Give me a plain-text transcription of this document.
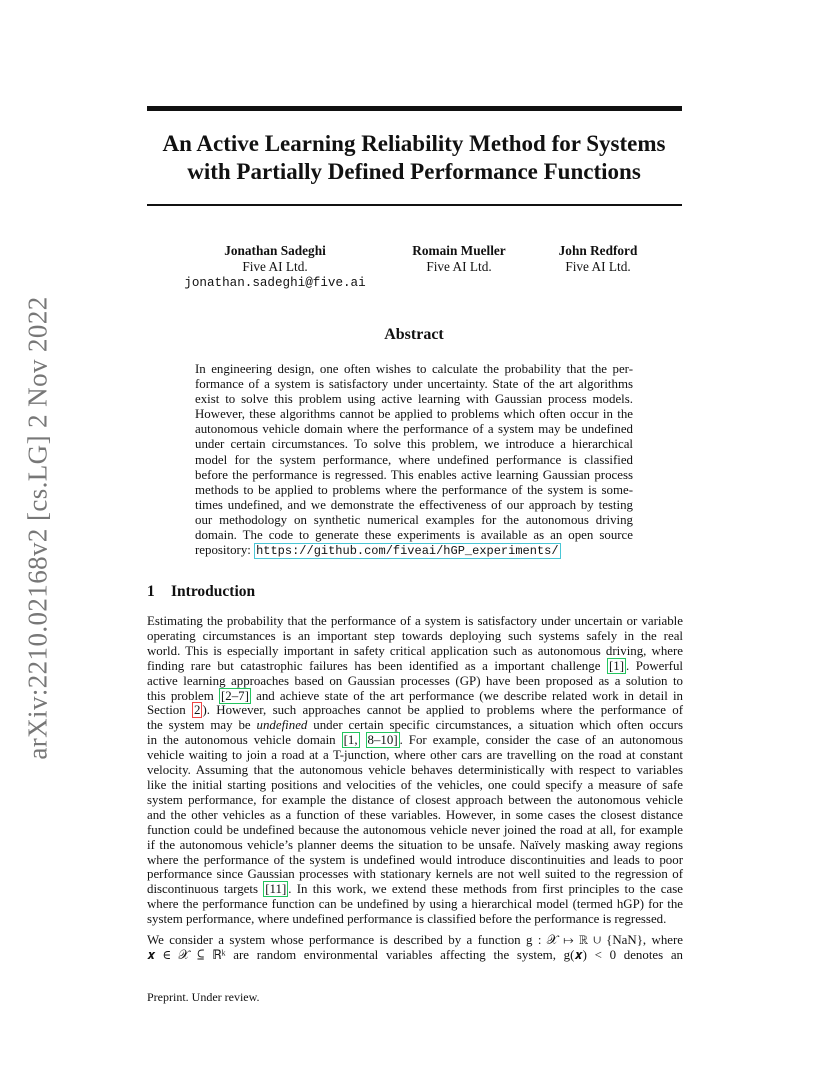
arXiv:2210.02168v2 [cs.LG] 2 Nov 2022
An Active Learning Reliability Method for Systems
with Partially Defined Performance Functions
Jonathan Sadeghi
Five AI Ltd.
jonathan.sadeghi@five.ai
Romain Mueller
Five AI Ltd.
John Redford
Five AI Ltd.
Abstract
In engineering design, one often wishes to calculate the probability that the per-
formance of a system is satisfactory under uncertainty. State of the art algorithms
exist to solve this problem using active learning with Gaussian process models.
However, these algorithms cannot be applied to problems which often occur in the
autonomous vehicle domain where the performance of a system may be undefined
under certain circumstances. To solve this problem, we introduce a hierarchical
model for the system performance, where undefined performance is classified
before the performance is regressed. This enables active learning Gaussian process
methods to be applied to problems where the performance of the system is some-
times undefined, and we demonstrate the effectiveness of our approach by testing
our methodology on synthetic numerical examples for the autonomous driving
domain. The code to generate these experiments is available as an open source
repository: https://github.com/fiveai/hGP_experiments/
1 Introduction
Estimating the probability that the performance of a system is satisfactory under uncertain or variable
operating circumstances is an important step towards deploying such systems safely in the real
world. This is especially important in safety critical application such as autonomous driving, where
finding rare but catastrophic failures has been identified as a important challenge [1] . Powerful
active learning approaches based on Gaussian processes (GP) have been proposed as a solution to
this problem [2–7] and achieve state of the art performance (we describe related work in detail in
Section 2 ). However, such approaches cannot be applied to problems where the performance of
the system may be undefined under certain specific circumstances, a situation which often occurs
in the autonomous vehicle domain [1, 8–10] . For example, consider the case of an autonomous
vehicle waiting to join a road at a T-junction, where other cars are travelling on the road at constant
velocity. Assuming that the autonomous vehicle behaves deterministically with respect to variables
like the initial starting positions and velocities of the vehicles, one could specify a measure of safe
system performance, for example the distance of closest approach between the autonomous vehicle
and the other vehicles as a function of these variables. However, in some cases the closest distance
function could be undefined because the autonomous vehicle never joined the road at all, for example
if the autonomous vehicle’s planner deems the situation to be unsafe. Naïvely masking away regions
where the performance of the system is undefined would introduce discontinuities and leads to poor
performance since Gaussian processes with stationary kernels are not well suited to the regression of
discontinuous targets [11] . In this work, we extend these methods from first principles to the case
where the performance function can be undefined by using a hierarchical model (termed hGP) for the
system performance, where undefined performance is classified before the performance is regressed.
We consider a system whose performance is described by a function g : 𝒳 ↦ ℝ ∪ {NaN}, where
𝒙 ∈ 𝒳 ⊆ ℝᵏ are random environmental variables affecting the system, g(𝒙) < 0 denotes an
Preprint. Under review.
